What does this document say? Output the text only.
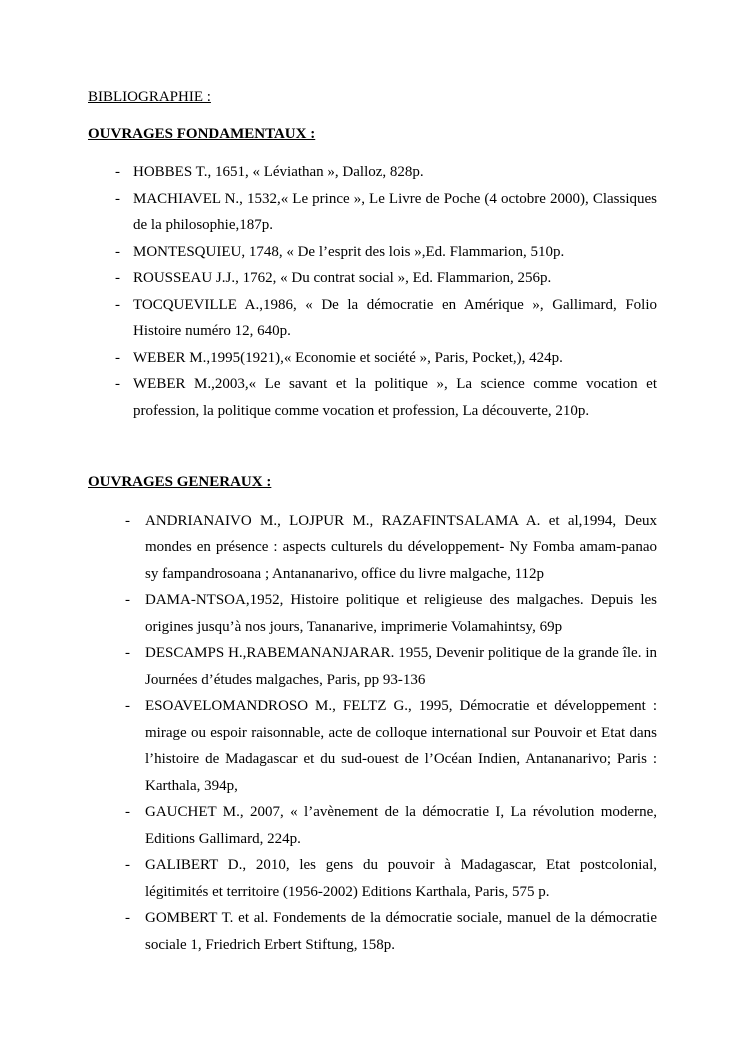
BIBLIOGRAPHIE :
OUVRAGES FONDAMENTAUX :
- HOBBES T., 1651, « Léviathan », Dalloz, 828p.

- MACHIAVEL N., 1532,« Le prince », Le Livre de Poche (4 octobre 2000), Classiques de la philosophie,187p.

- MONTESQUIEU, 1748, « De l’esprit des lois »,Ed. Flammarion, 510p.

- ROUSSEAU J.J., 1762, « Du contrat social », Ed. Flammarion, 256p.

- TOCQUEVILLE A.,1986, « De la démocratie en Amérique », Gallimard, Folio Histoire numéro 12, 640p.

- WEBER M.,1995(1921),« Economie et société », Paris, Pocket,), 424p.

- WEBER M.,2003,« Le savant et la politique », La science comme vocation et profession, la politique comme vocation et profession, La découverte, 210p.

OUVRAGES GENERAUX :
-	ANDRIANAIVO M., LOJPUR M., RAZAFINTSALAMA A. et al,1994, Deux mondes en présence : aspects culturels du développement- Ny Fomba amam-panao sy fampandrosoana ; Antananarivo, office du livre malgache, 112p

-	DAMA-NTSOA,1952, Histoire politique et religieuse des malgaches. Depuis les origines jusqu’à nos jours, Tananarive, imprimerie Volamahintsy, 69p

-	DESCAMPS H.,RABEMANANJARAR. 1955, Devenir politique de la grande île. in Journées d’études malgaches, Paris, pp 93-136

-	ESOAVELOMANDROSO M., FELTZ G., 1995, Démocratie et développement : mirage ou espoir raisonnable, acte de colloque international sur Pouvoir et Etat dans l’histoire de Madagascar et du sud-ouest de l’Océan Indien, Antananarivo; Paris : Karthala, 394p,

-	GAUCHET M., 2007, « l’avènement de la démocratie I, La révolution moderne, Editions Gallimard, 224p.

-	GALIBERT D., 2010, les gens du pouvoir à Madagascar, Etat postcolonial, légitimités et territoire (1956-2002) Editions Karthala, Paris, 575 p.

-	GOMBERT T. et al. Fondements de la démocratie sociale, manuel de la démocratie sociale 1, Friedrich Erbert Stiftung, 158p.
